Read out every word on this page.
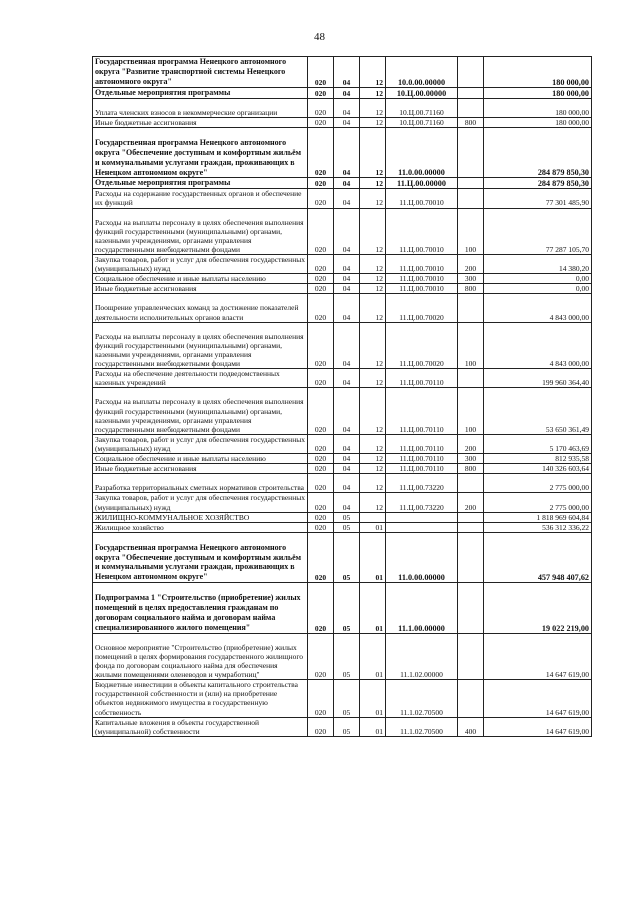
48
Государственная программа Ненецкого автономного округа "Развитие транспортной системы Ненецкого автономного округа"	020	04	12	10.0.00.00000		180 000,00
Отдельные мероприятия программы	020	04	12	10.Ц.00.00000		180 000,00
Уплата членских взносов в некоммерческие организации	020	04	12	10.Ц.00.71160		180 000,00
Иные бюджетные ассигнования	020	04	12	10.Ц.00.71160	800	180 000,00
Государственная программа Ненецкого автономного округа "Обеспечение доступным и комфортным жильём и коммунальными услугами граждан, проживающих в Ненецком автономном округе"	020	04	12	11.0.00.00000		284 879 850,30
Отдельные мероприятия программы	020	04	12	11.Ц.00.00000		284 879 850,30
Расходы на содержание государственных органов и обеспечение их функций	020	04	12	11.Ц.00.70010		77 301 485,90
Расходы на выплаты персоналу в целях обеспечения выполнения функций государственными (муниципальными) органами, казенными учреждениями, органами управления государственными внебюджетными фондами	020	04	12	11.Ц.00.70010	100	77 287 105,70
Закупка товаров, работ и услуг для обеспечения государственных (муниципальных) нужд	020	04	12	11.Ц.00.70010	200	14 380,20
Социальное обеспечение и иные выплаты населению	020	04	12	11.Ц.00.70010	300	0,00
Иные бюджетные ассигнования	020	04	12	11.Ц.00.70010	800	0,00
Поощрение управленческих команд за достижение показателей деятельности исполнительных органов власти	020	04	12	11.Ц.00.70020		4 843 000,00
Расходы на выплаты персоналу в целях обеспечения выполнения функций государственными (муниципальными) органами, казенными учреждениями, органами управления государственными внебюджетными фондами	020	04	12	11.Ц.00.70020	100	4 843 000,00
Расходы на обеспечение деятельности подведомственных казенных учреждений	020	04	12	11.Ц.00.70110		199 960 364,40
Расходы на выплаты персоналу в целях обеспечения выполнения функций государственными (муниципальными) органами, казенными учреждениями, органами управления государственными внебюджетными фондами	020	04	12	11.Ц.00.70110	100	53 650 361,49
Закупка товаров, работ и услуг для обеспечения государственных (муниципальных) нужд	020	04	12	11.Ц.00.70110	200	5 170 463,69
Социальное обеспечение и иные выплаты населению	020	04	12	11.Ц.00.70110	300	812 935,58
Иные бюджетные ассигнования	020	04	12	11.Ц.00.70110	800	140 326 603,64
Разработка территориальных сметных нормативов строительства	020	04	12	11.Ц.00.73220		2 775 000,00
Закупка товаров, работ и услуг для обеспечения государственных (муниципальных) нужд	020	04	12	11.Ц.00.73220	200	2 775 000,00
ЖИЛИЩНО-КОММУНАЛЬНОЕ ХОЗЯЙСТВО	020	05				1 818 969 604,84
Жилищное хозяйство	020	05	01			536 312 336,22
Государственная программа Ненецкого автономного округа "Обеспечение доступным и комфортным жильём и коммунальными услугами граждан, проживающих в Ненецком автономном округе"	020	05	01	11.0.00.00000		457 948 407,62
Подпрограмма 1 "Строительство (приобретение) жилых помещений в целях предоставления гражданам по договорам социального найма и договорам найма специализированного жилого помещения"	020	05	01	11.1.00.00000		19 022 219,00
Основное мероприятие "Строительство (приобретение) жилых помещений в целях формирования государственного жилищного фонда по договорам социального найма для обеспечения жилыми помещениями оленеводов и чумработниц"	020	05	01	11.1.02.00000		14 647 619,00
Бюджетные инвестиции в объекты капитального строительства государственной собственности и (или) на приобретение объектов недвижимого имущества в государственную собственность	020	05	01	11.1.02.70500		14 647 619,00
Капитальные вложения в объекты государственной (муниципальной) собственности	020	05	01	11.1.02.70500	400	14 647 619,00
